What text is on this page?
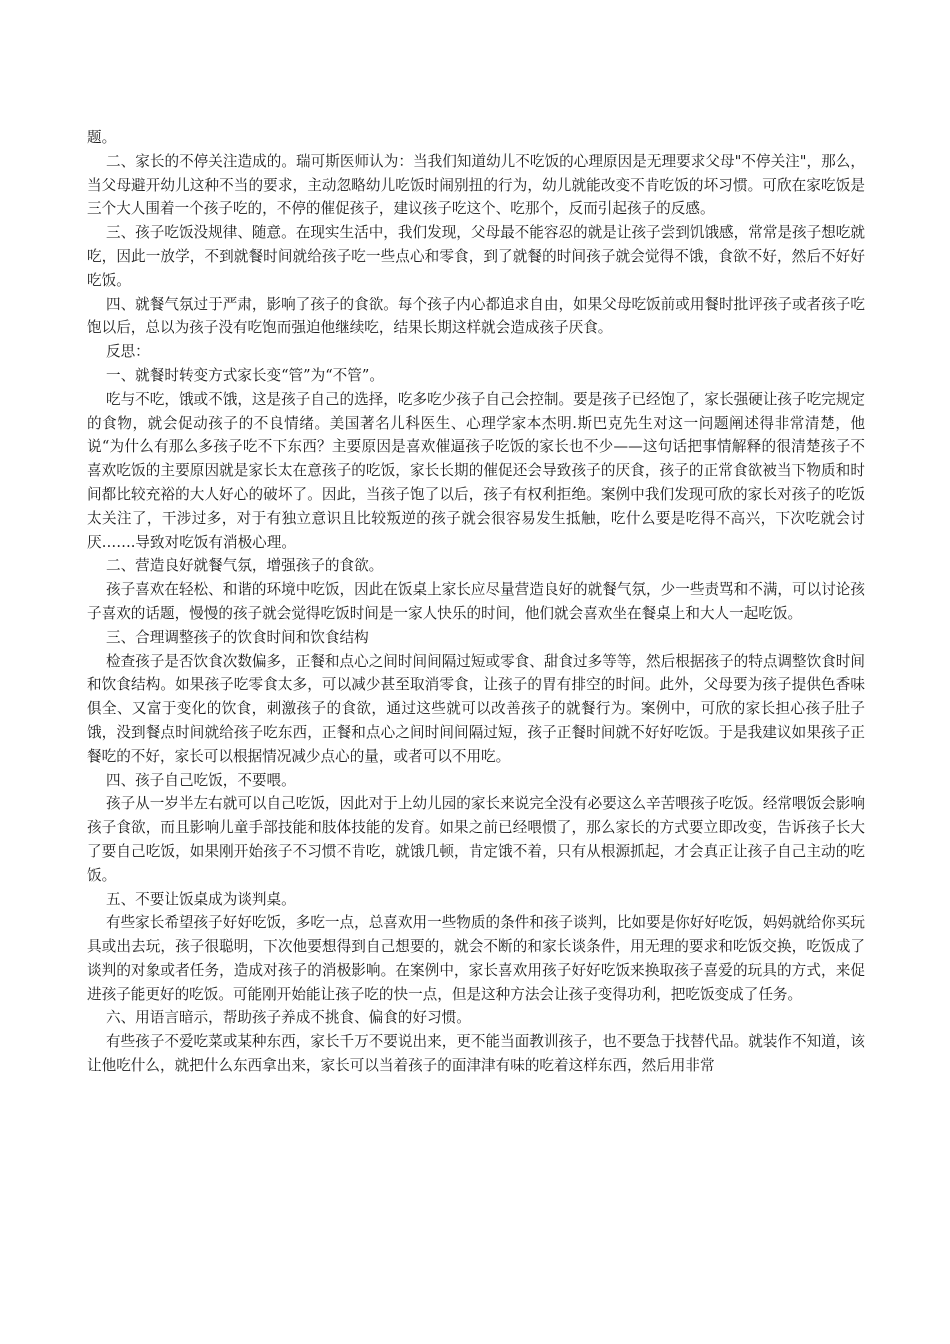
题。

二、家长的不停关注造成的。瑞可斯医师认为：当我们知道幼儿不吃饭的心理原因是无理要求父母"不停关注"，那么，当父母避开幼儿这种不当的要求，主动忽略幼儿吃饭时闹别扭的行为，幼儿就能改变不肯吃饭的坏习惯。可欣在家吃饭是三个大人围着一个孩子吃的，不停的催促孩子，建议孩子吃这个、吃那个，反而引起孩子的反感。

三、孩子吃饭没规律、随意。在现实生活中，我们发现，父母最不能容忍的就是让孩子尝到饥饿感，常常是孩子想吃就吃，因此一放学，不到就餐时间就给孩子吃一些点心和零食，到了就餐的时间孩子就会觉得不饿，食欲不好，然后不好好吃饭。

四、就餐气氛过于严肃，影响了孩子的食欲。每个孩子内心都追求自由，如果父母吃饭前或用餐时批评孩子或者孩子吃饱以后，总以为孩子没有吃饱而强迫他继续吃，结果长期这样就会造成孩子厌食。

反思：

一、就餐时转变方式家长变“管”为“不管”。

吃与不吃，饿或不饿，这是孩子自己的选择，吃多吃少孩子自己会控制。要是孩子已经饱了，家长强硬让孩子吃完规定的食物，就会促动孩子的不良情绪。美国著名儿科医生、心理学家本杰明.斯巴克先生对这一问题阐述得非常清楚，他说“为什么有那么多孩子吃不下东西？主要原因是喜欢催逼孩子吃饭的家长也不少——这句话把事情解释的很清楚孩子不喜欢吃饭的主要原因就是家长太在意孩子的吃饭，家长长期的催促还会导致孩子的厌食，孩子的正常食欲被当下物质和时间都比较充裕的大人好心的破坏了。因此，当孩子饱了以后，孩子有权利拒绝。案例中我们发现可欣的家长对孩子的吃饭太关注了，干涉过多，对于有独立意识且比较叛逆的孩子就会很容易发生抵触，吃什么要是吃得不高兴，下次吃就会讨厌…….导致对吃饭有消极心理。

二、营造良好就餐气氛，增强孩子的食欲。

孩子喜欢在轻松、和谐的环境中吃饭，因此在饭桌上家长应尽量营造良好的就餐气氛，少一些责骂和不满，可以讨论孩子喜欢的话题，慢慢的孩子就会觉得吃饭时间是一家人快乐的时间，他们就会喜欢坐在餐桌上和大人一起吃饭。

三、合理调整孩子的饮食时间和饮食结构

检查孩子是否饮食次数偏多，正餐和点心之间时间间隔过短或零食、甜食过多等等，然后根据孩子的特点调整饮食时间和饮食结构。如果孩子吃零食太多，可以减少甚至取消零食，让孩子的胃有排空的时间。此外，父母要为孩子提供色香味俱全、又富于变化的饮食，刺激孩子的食欲，通过这些就可以改善孩子的就餐行为。案例中，可欣的家长担心孩子肚子饿，没到餐点时间就给孩子吃东西，正餐和点心之间时间间隔过短，孩子正餐时间就不好好吃饭。于是我建议如果孩子正餐吃的不好，家长可以根据情况减少点心的量，或者可以不用吃。

四、孩子自己吃饭，不要喂。

孩子从一岁半左右就可以自己吃饭，因此对于上幼儿园的家长来说完全没有必要这么辛苦喂孩子吃饭。经常喂饭会影响孩子食欲，而且影响儿童手部技能和肢体技能的发育。如果之前已经喂惯了，那么家长的方式要立即改变，告诉孩子长大了要自己吃饭，如果刚开始孩子不习惯不肯吃，就饿几顿，肯定饿不着，只有从根源抓起，才会真正让孩子自己主动的吃饭。

五、不要让饭桌成为谈判桌。

有些家长希望孩子好好吃饭，多吃一点，总喜欢用一些物质的条件和孩子谈判，比如要是你好好吃饭，妈妈就给你买玩具或出去玩，孩子很聪明，下次他要想得到自己想要的，就会不断的和家长谈条件，用无理的要求和吃饭交换，吃饭成了谈判的对象或者任务，造成对孩子的消极影响。在案例中，家长喜欢用孩子好好吃饭来换取孩子喜爱的玩具的方式，来促进孩子能更好的吃饭。可能刚开始能让孩子吃的快一点，但是这种方法会让孩子变得功利，把吃饭变成了任务。

六、用语言暗示，帮助孩子养成不挑食、偏食的好习惯。

有些孩子不爱吃菜或某种东西，家长千万不要说出来，更不能当面教训孩子，也不要急于找替代品。就装作不知道，该让他吃什么，就把什么东西拿出来，家长可以当着孩子的面津津有味的吃着这样东西，然后用非常
